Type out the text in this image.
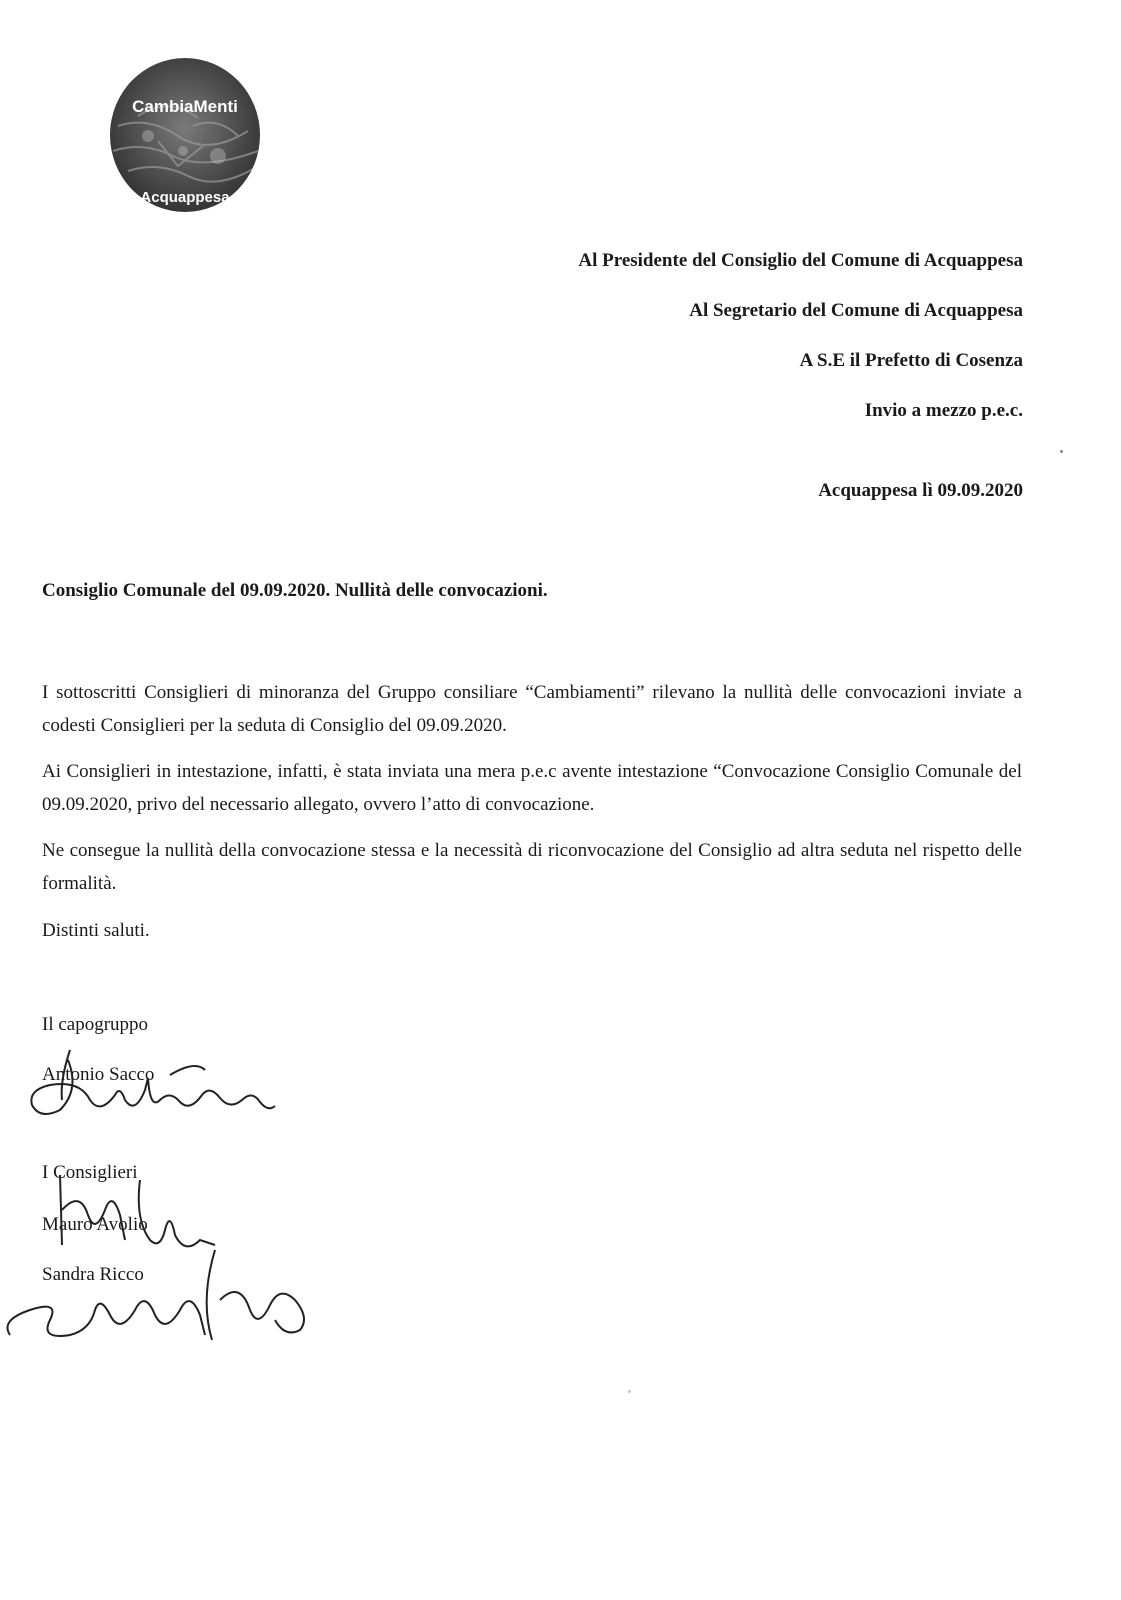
CambiaMenti
Acquappesa
Al Presidente del Consiglio del Comune di Acquappesa
Al Segretario del Comune di Acquappesa
A S.E il Prefetto di Cosenza
Invio a mezzo p.e.c.
Acquappesa lì 09.09.2020
Consiglio Comunale del 09.09.2020. Nullità delle convocazioni.
I sottoscritti Consiglieri di minoranza del Gruppo consiliare “Cambiamenti” rilevano la nullità delle convocazioni inviate a codesti Consiglieri per la seduta di Consiglio del 09.09.2020.
Ai Consiglieri in intestazione, infatti, è stata inviata una mera p.e.c avente intestazione “Convocazione Consiglio Comunale del 09.09.2020, privo del necessario allegato, ovvero l’atto di convocazione.
Ne consegue la nullità della convocazione stessa e la necessità di riconvocazione del Consiglio ad altra seduta nel rispetto delle formalità.
Distinti saluti.
Il capogruppo
Antonio Sacco
I Consiglieri
Mauro Avolio
Sandra Ricco
